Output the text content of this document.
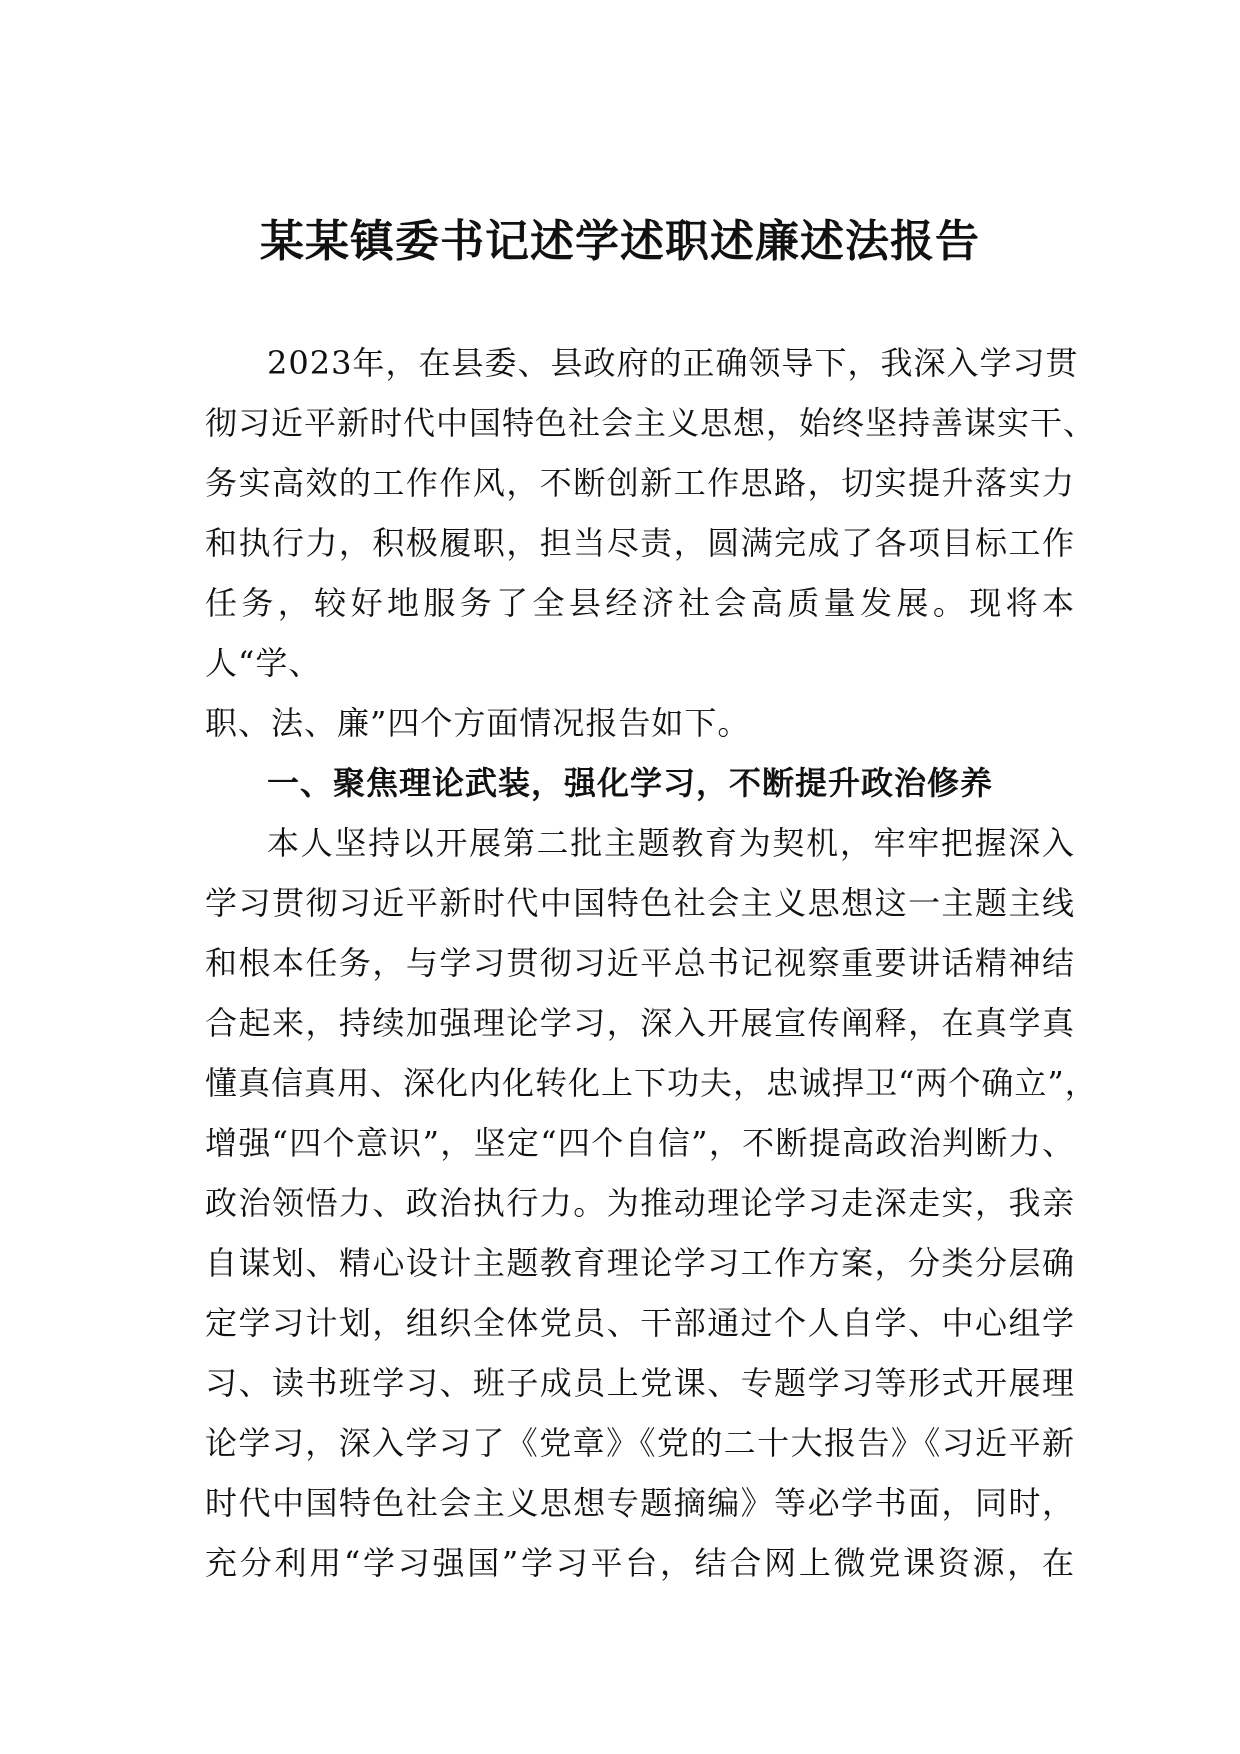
某某镇委书记述学述职述廉述法报告
2023年，在县委、县政府的正确领导下，我深入学习贯
彻习近平新时代中国特色社会主义思想，始终坚持善谋实干、
务实高效的工作作风，不断创新工作思路，切实提升落实力
和执行力，积极履职，担当尽责，圆满完成了各项目标工作
任务，较好地服务了全县经济社会高质量发展。现将本
人“学、
职、法、廉”四个方面情况报告如下。
一、聚焦理论武装，强化学习，不断提升政治修养
本人坚持以开展第二批主题教育为契机，牢牢把握深入
学习贯彻习近平新时代中国特色社会主义思想这一主题主线
和根本任务，与学习贯彻习近平总书记视察重要讲话精神结
合起来，持续加强理论学习，深入开展宣传阐释，在真学真
懂真信真用、深化内化转化上下功夫，忠诚捍卫“两个确立”，
增强“四个意识”，坚定“四个自信”，不断提高政治判断力、
政治领悟力、政治执行力。为推动理论学习走深走实，我亲
自谋划、精心设计主题教育理论学习工作方案，分类分层确
定学习计划，组织全体党员、干部通过个人自学、中心组学
习、读书班学习、班子成员上党课、专题学习等形式开展理
论学习，深入学习了《党章》《党的二十大报告》《习近平新
时代中国特色社会主义思想专题摘编》等必学书面，同时，
充分利用“学习强国”学习平台，结合网上微党课资源，在
